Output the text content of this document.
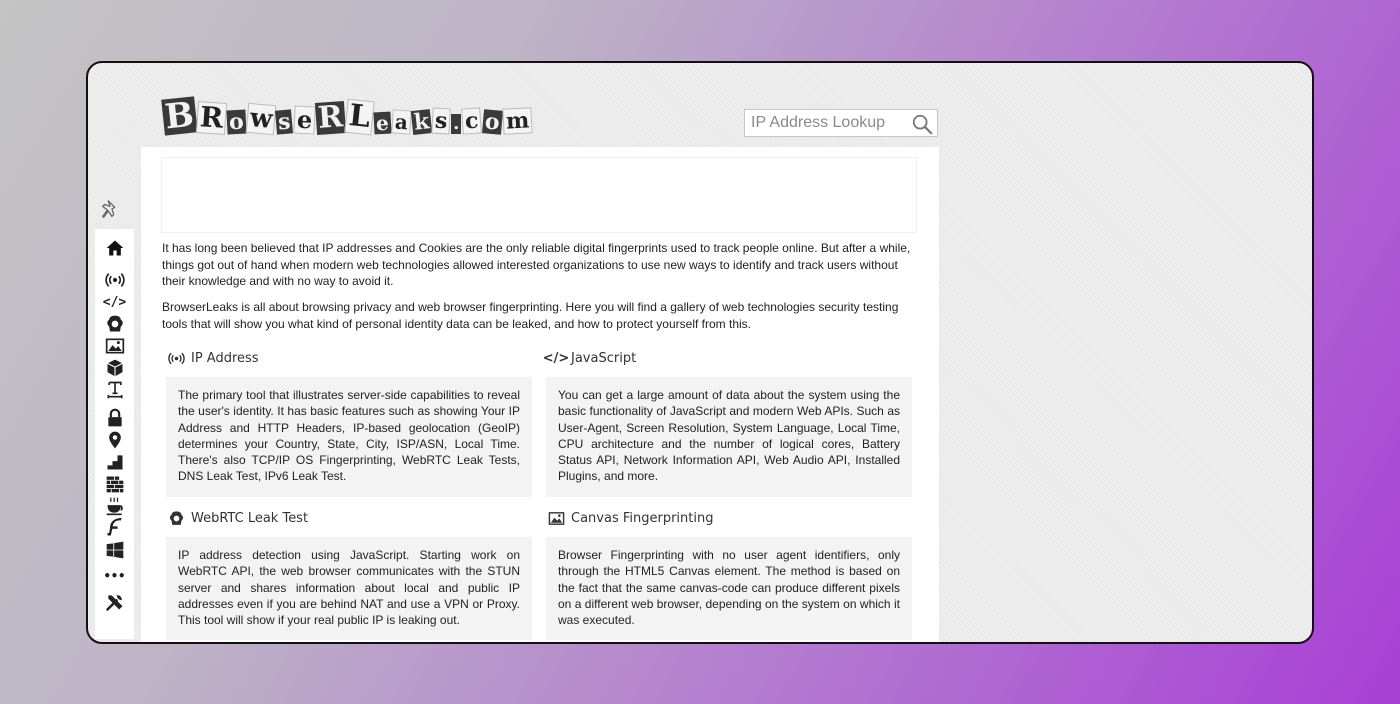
B R o w s e R L e a k s . c o m
IP Address Lookup
</>
•••

It has long been believed that IP addresses and Cookies are the only reliable digital fingerprints used to track people online. But after a while, things got out of hand when modern web technologies allowed interested organizations to use new ways to identify and track users without their knowledge and with no way to avoid it.

BrowserLeaks is all about browsing privacy and web browser fingerprinting. Here you will find a gallery of web technologies security testing tools that will show you what kind of personal identity data can be leaked, and how to protect yourself from this.

IP Address
The primary tool that illustrates server-side capabilities to reveal the user's identity. It has basic features such as showing Your IP Address and HTTP Headers, IP-based geolocation (GeoIP) determines your Country, State, City, ISP/ASN, Local Time. There's also TCP/IP OS Fingerprinting, WebRTC Leak Tests, DNS Leak Test, IPv6 Leak Test.
</> JavaScript
You can get a large amount of data about the system using the basic functionality of JavaScript and modern Web APIs. Such as User-Agent, Screen Resolution, System Language, Local Time, CPU architecture and the number of logical cores, Battery Status API, Network Information API, Web Audio API, Installed Plugins, and more.
WebRTC Leak Test
IP address detection using JavaScript. Starting work on WebRTC API, the web browser communicates with the STUN server and shares information about local and public IP addresses even if you are behind NAT and use a VPN or Proxy. This tool will show if your real public IP is leaking out.
Canvas Fingerprinting
Browser Fingerprinting with no user agent identifiers, only through the HTML5 Canvas element. The method is based on the fact that the same canvas-code can produce different pixels on a different web browser, depending on the system on which it was executed.
